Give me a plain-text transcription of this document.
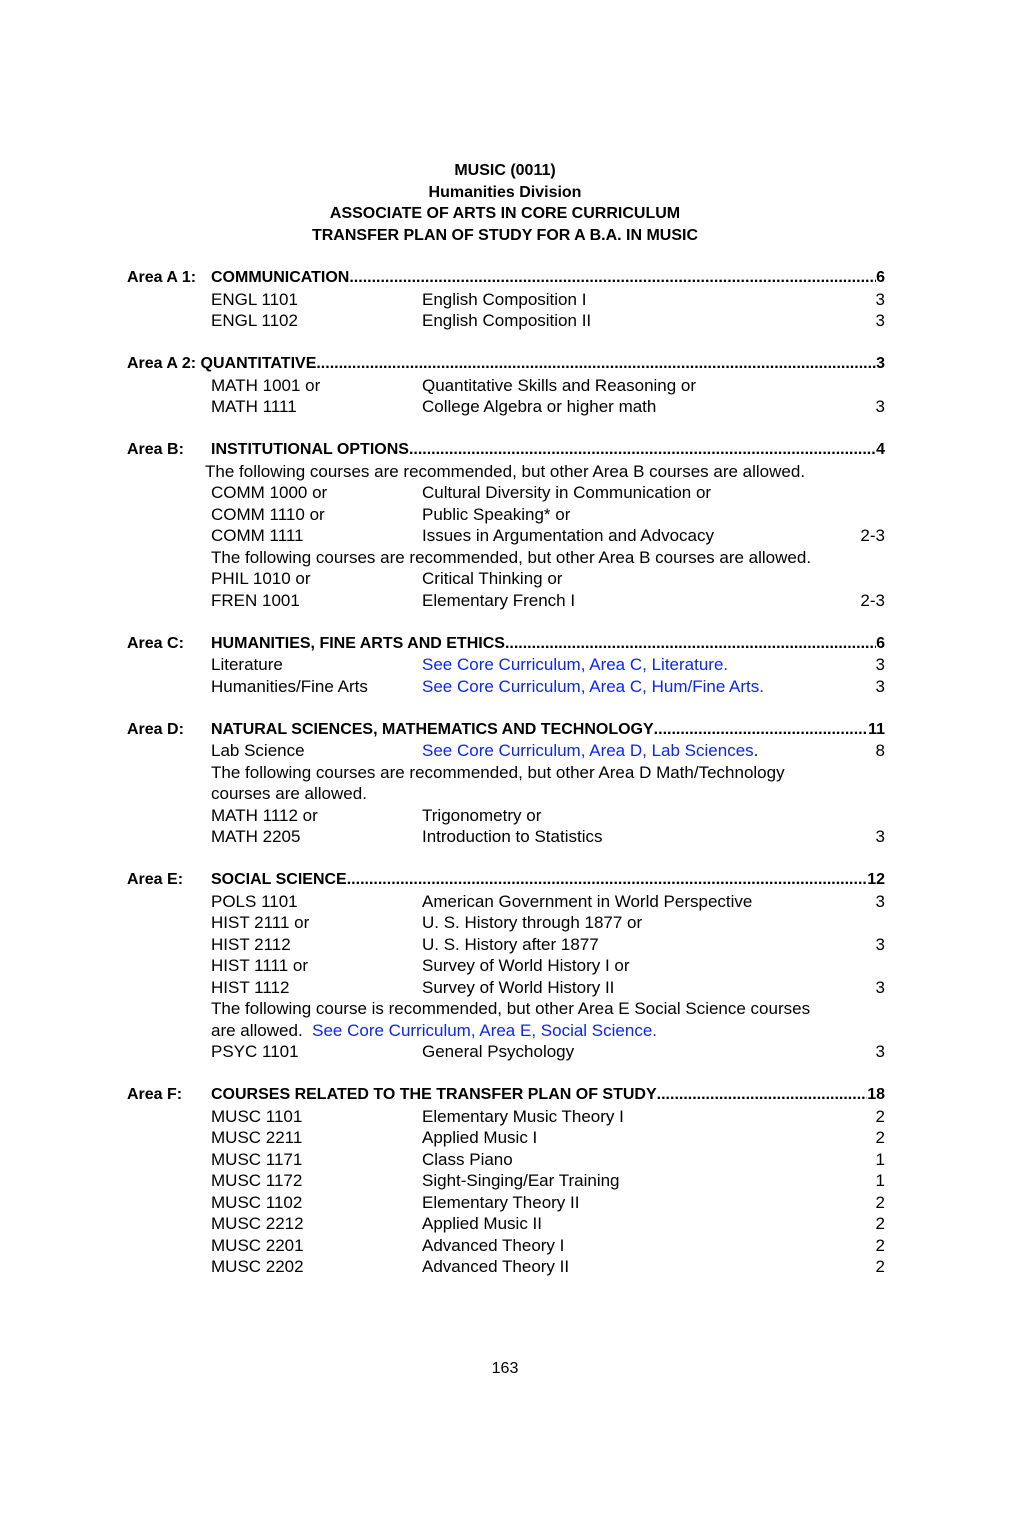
MUSIC (0011)
Humanities Division
ASSOCIATE OF ARTS IN CORE CURRICULUM
TRANSFER PLAN OF STUDY FOR A B.A. IN MUSIC
Area A 1: COMMUNICATION .....	6
ENGL 1101	English Composition I	3
ENGL 1102	English Composition II	3
Area A 2: QUANTITATIVE .....	3
MATH 1001 or	Quantitative Skills and Reasoning or
MATH 1111	College Algebra or higher math	3
Area B: INSTITUTIONAL OPTIONS .....	4
The following courses are recommended, but other Area B courses are allowed.
COMM 1000 or	Cultural Diversity in Communication or
COMM 1110 or	Public Speaking* or
COMM 1111	Issues in Argumentation and Advocacy	2-3
The following courses are recommended, but other Area B courses are allowed.
PHIL 1010 or	Critical Thinking or
FREN 1001	Elementary French I	2-3
Area C: HUMANITIES, FINE ARTS AND ETHICS .....	6
Literature	See Core Curriculum, Area C, Literature.	3
Humanities/Fine Arts	See Core Curriculum, Area C, Hum/Fine Arts.	3
Area D: NATURAL SCIENCES, MATHEMATICS AND TECHNOLOGY .....	11
Lab Science	See Core Curriculum, Area D, Lab Sciences.	8
The following courses are recommended, but other Area D Math/Technology
courses are allowed.
MATH 1112 or	Trigonometry or
MATH 2205	Introduction to Statistics	3
Area E: SOCIAL SCIENCE .....	12
POLS 1101	American Government in World Perspective	3
HIST 2111 or	U. S. History through 1877 or
HIST 2112	U. S. History after 1877	3
HIST 1111 or	Survey of World History I or
HIST 1112	Survey of World History II	3
The following course is recommended, but other Area E Social Science courses
are allowed. See Core Curriculum, Area E, Social Science.
PSYC 1101	General Psychology	3
Area F: COURSES RELATED TO THE TRANSFER PLAN OF STUDY .....	18
MUSC 1101	Elementary Music Theory I	2
MUSC 2211	Applied Music I	2
MUSC 1171	Class Piano	1
MUSC 1172	Sight-Singing/Ear Training	1
MUSC 1102	Elementary Theory II	2
MUSC 2212	Applied Music II	2
MUSC 2201	Advanced Theory I	2
MUSC 2202	Advanced Theory II	2
163
